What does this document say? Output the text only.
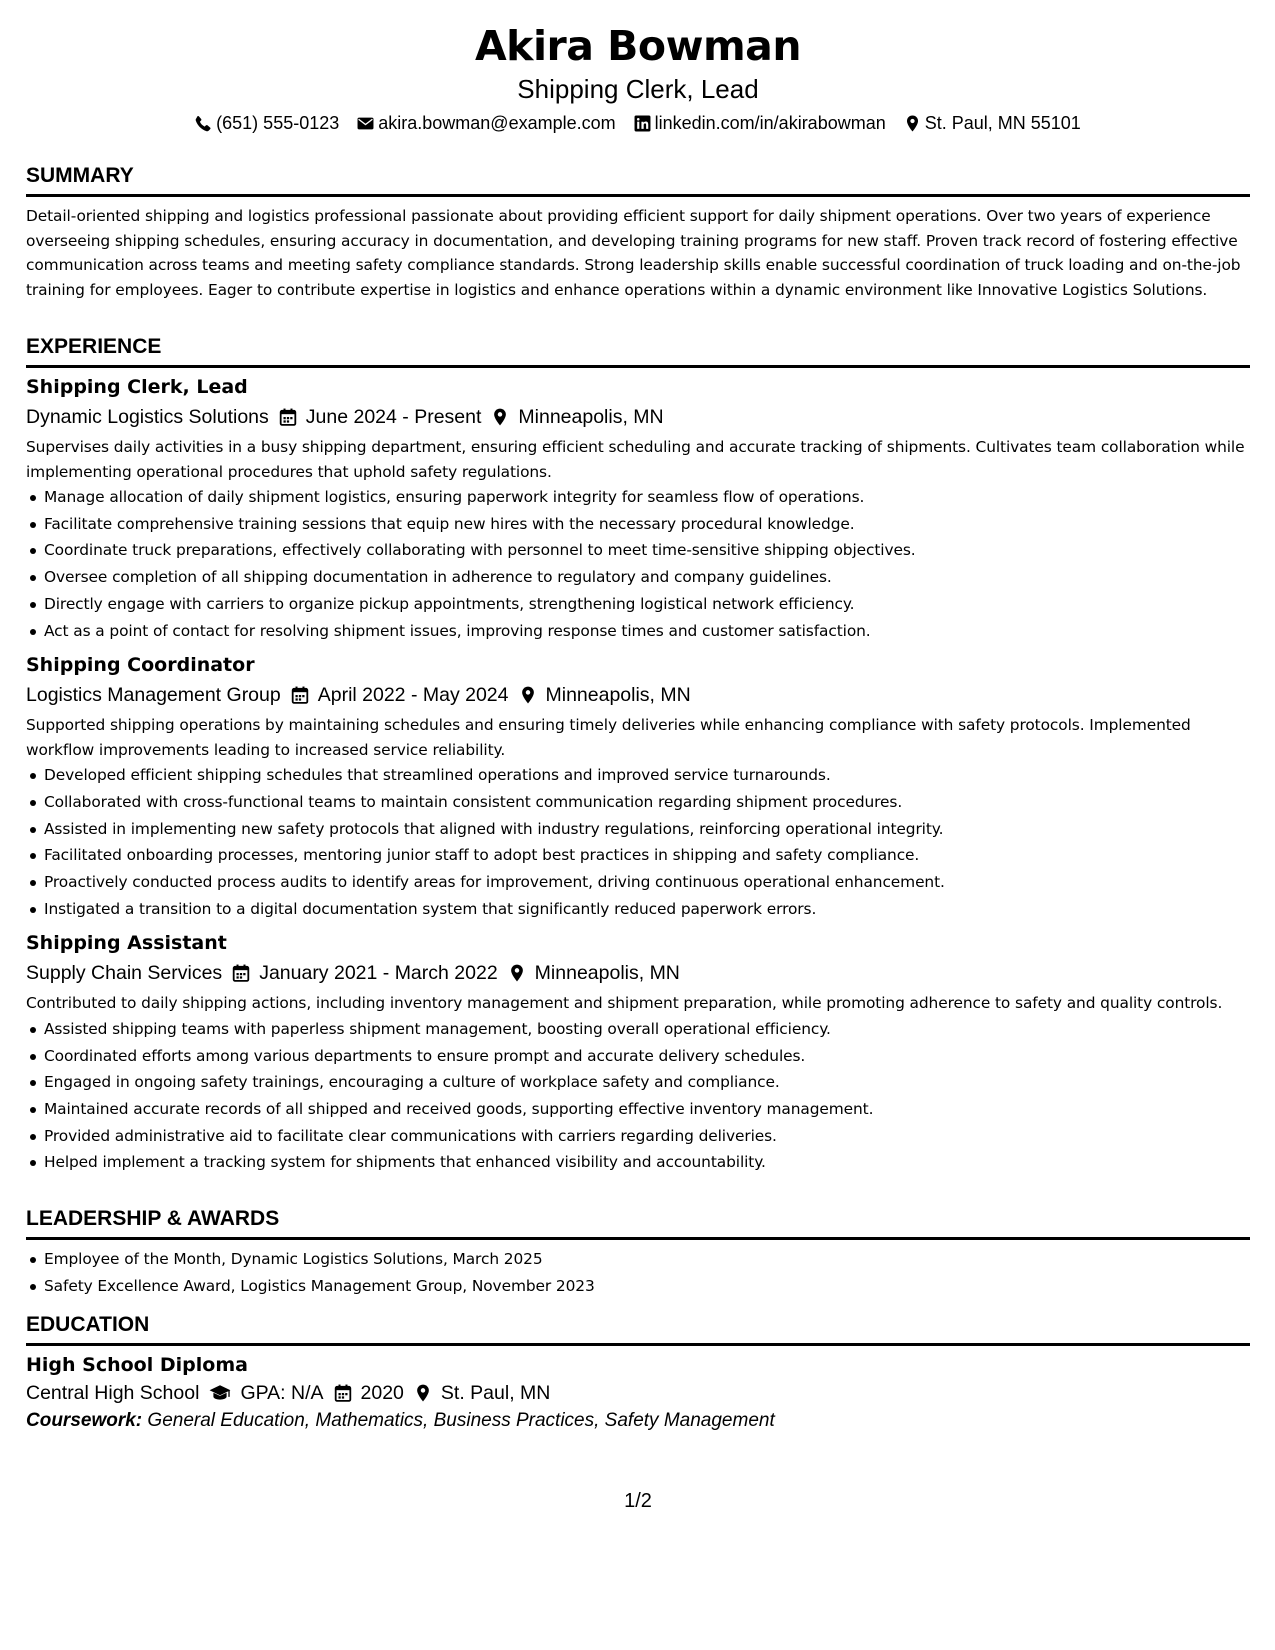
Akira Bowman
Shipping Clerk, Lead
(651) 555-0123 akira.bowman@example.com linkedin.com/in/akirabowman St. Paul, MN 55101
SUMMARY

Detail-oriented shipping and logistics professional passionate about providing efficient support for daily shipment operations. Over two years of experience overseeing shipping schedules, ensuring accuracy in documentation, and developing training programs for new staff. Proven track record of fostering effective communication across teams and meeting safety compliance standards. Strong leadership skills enable successful coordination of truck loading and on-the-job training for employees. Eager to contribute expertise in logistics and enhance operations within a dynamic environment like Innovative Logistics Solutions.

EXPERIENCE
Shipping Clerk, Lead
Dynamic Logistics Solutions June 2024 - Present Minneapolis, MN

Supervises daily activities in a busy shipping department, ensuring efficient scheduling and accurate tracking of shipments. Cultivates team collaboration while implementing operational procedures that uphold safety regulations.

Manage allocation of daily shipment logistics, ensuring paperwork integrity for seamless flow of operations.
Facilitate comprehensive training sessions that equip new hires with the necessary procedural knowledge.
Coordinate truck preparations, effectively collaborating with personnel to meet time-sensitive shipping objectives.
Oversee completion of all shipping documentation in adherence to regulatory and company guidelines.
Directly engage with carriers to organize pickup appointments, strengthening logistical network efficiency.
Act as a point of contact for resolving shipment issues, improving response times and customer satisfaction.
Shipping Coordinator
Logistics Management Group April 2022 - May 2024 Minneapolis, MN

Supported shipping operations by maintaining schedules and ensuring timely deliveries while enhancing compliance with safety protocols. Implemented workflow improvements leading to increased service reliability.

Developed efficient shipping schedules that streamlined operations and improved service turnarounds.
Collaborated with cross-functional teams to maintain consistent communication regarding shipment procedures.
Assisted in implementing new safety protocols that aligned with industry regulations, reinforcing operational integrity.
Facilitated onboarding processes, mentoring junior staff to adopt best practices in shipping and safety compliance.
Proactively conducted process audits to identify areas for improvement, driving continuous operational enhancement.
Instigated a transition to a digital documentation system that significantly reduced paperwork errors.
Shipping Assistant
Supply Chain Services January 2021 - March 2022 Minneapolis, MN

Contributed to daily shipping actions, including inventory management and shipment preparation, while promoting adherence to safety and quality controls.

Assisted shipping teams with paperless shipment management, boosting overall operational efficiency.
Coordinated efforts among various departments to ensure prompt and accurate delivery schedules.
Engaged in ongoing safety trainings, encouraging a culture of workplace safety and compliance.
Maintained accurate records of all shipped and received goods, supporting effective inventory management.
Provided administrative aid to facilitate clear communications with carriers regarding deliveries.
Helped implement a tracking system for shipments that enhanced visibility and accountability.
LEADERSHIP & AWARDS
Employee of the Month, Dynamic Logistics Solutions, March 2025
Safety Excellence Award, Logistics Management Group, November 2023
EDUCATION
High School Diploma
Central High School GPA: N/A 2020 St. Paul, MN
Coursework: General Education, Mathematics, Business Practices, Safety Management
1/2
